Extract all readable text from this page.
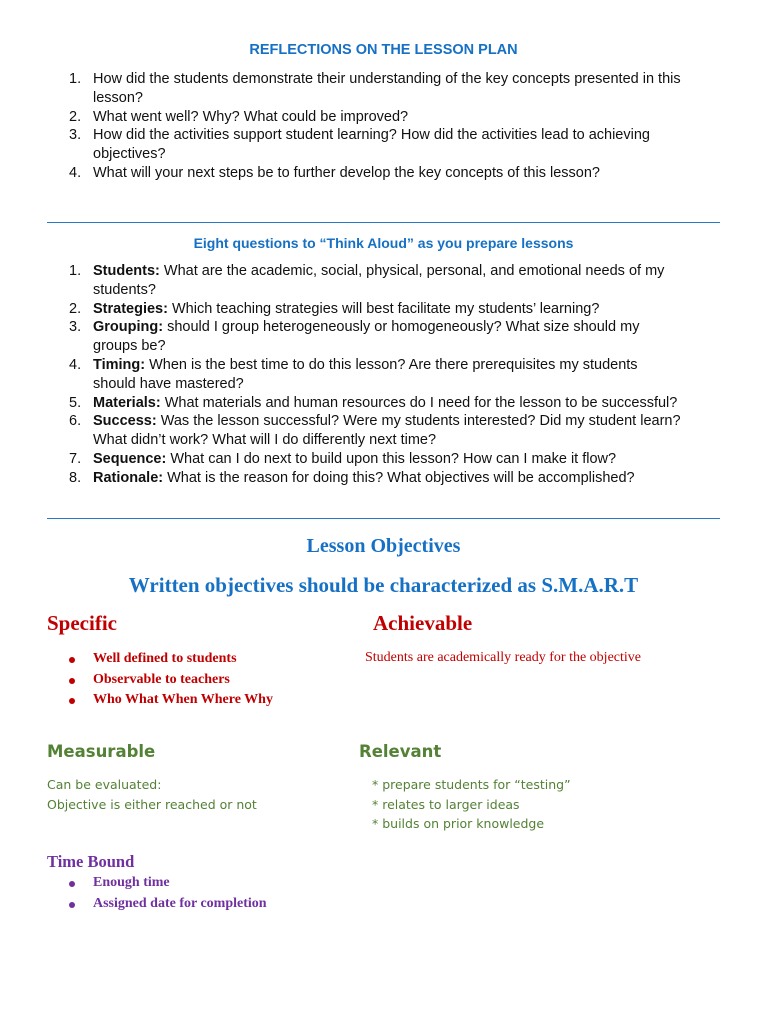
REFLECTIONS ON THE LESSON PLAN
1. How did the students demonstrate their understanding of the key concepts presented in this
lesson?
2. What went well? Why? What could be improved?
3. How did the activities support student learning? How did the activities lead to achieving
objectives?
4. What will your next steps be to further develop the key concepts of this lesson?
Eight questions to “Think Aloud” as you prepare lessons
1. Students: What are the academic, social, physical, personal, and emotional needs of my
students?
2. Strategies: Which teaching strategies will best facilitate my students’ learning?
3. Grouping: should I group heterogeneously or homogeneously? What size should my
groups be?
4. Timing: When is the best time to do this lesson? Are there prerequisites my students
should have mastered?
5. Materials: What materials and human resources do I need for the lesson to be successful?
6. Success: Was the lesson successful? Were my students interested? Did my student learn?
What didn’t work? What will I do differently next time?
7. Sequence: What can I do next to build upon this lesson? How can I make it flow?
8. Rationale: What is the reason for doing this? What objectives will be accomplished?
Lesson Objectives
Written objectives should be characterized as S.M.A.R.T
Specific
Well defined to students
Observable to teachers
Who What When Where Why
Achievable
Students are academically ready for the objective
Measurable
Can be evaluated:
Objective is either reached or not
Relevant
* prepare students for “testing”
* relates to larger ideas
* builds on prior knowledge
Time Bound
Enough time
Assigned date for completion
